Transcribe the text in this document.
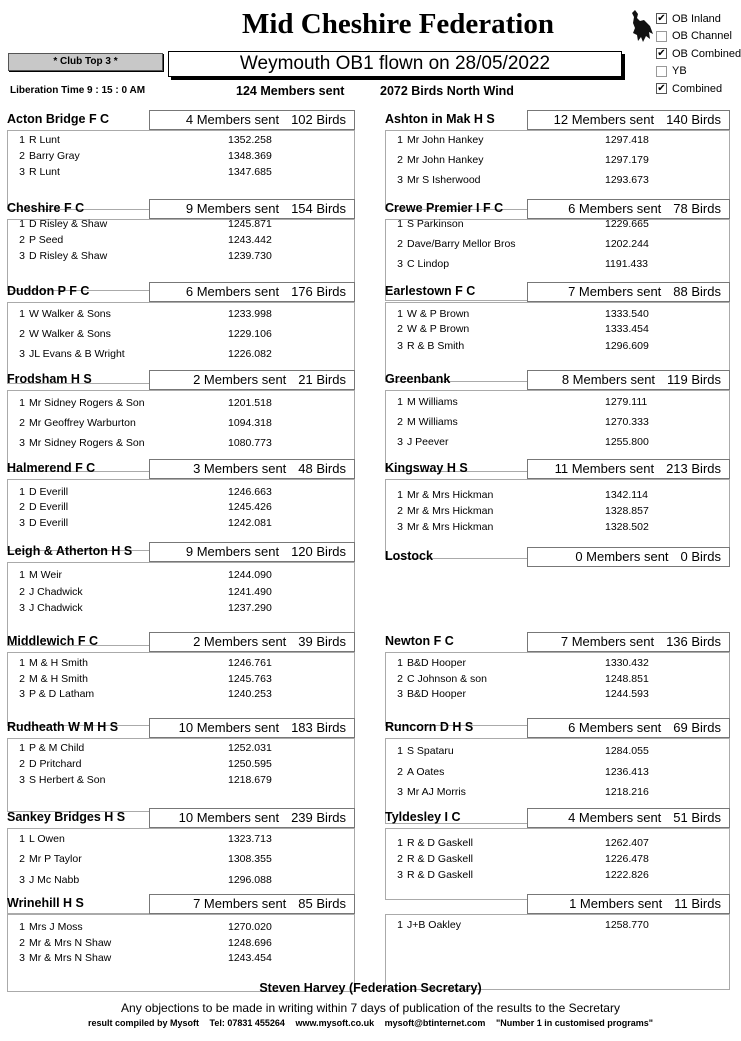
Mid Cheshire Federation	✔ OB Inland
OB Channel
✔ OB Combined
YB
✔ Combined
* Club Top 3 *	Weymouth OB1 flown on 28/05/2022
Liberation Time 9 : 15 : 0 AM	124 Members sent	2072 Birds North Wind
Acton Bridge F C	4 Members sent 102 Birds
1 R Lunt	1352.258
2 Barry Gray	1348.369
3 R Lunt	1347.685
Ashton in Mak H S	12 Members sent 140 Birds
1 Mr John Hankey	1297.418
2 Mr John Hankey	1297.179
3 Mr S Isherwood	1293.673
Cheshire F C	9 Members sent 154 Birds
1 D Risley & Shaw	1245.871
2 P Seed	1243.442
3 D Risley & Shaw	1239.730
Crewe Premier I F C	6 Members sent 78 Birds
1 S Parkinson	1229.665
2 Dave/Barry Mellor Bros	1202.244
3 C Lindop	1191.433
Duddon P F C	6 Members sent 176 Birds
1 W Walker & Sons	1233.998
2 W Walker & Sons	1229.106
3 JL Evans & B Wright	1226.082
Earlestown F C	7 Members sent 88 Birds
1 W & P Brown	1333.540
2 W & P Brown	1333.454
3 R & B Smith	1296.609
Frodsham H S	2 Members sent 21 Birds
1 Mr Sidney Rogers & Son	1201.518
2 Mr Geoffrey Warburton	1094.318
3 Mr Sidney Rogers & Son	1080.773
Greenbank	8 Members sent 119 Birds
1 M Williams	1279.111
2 M Williams	1270.333
3 J Peever	1255.800
Halmerend F C	3 Members sent 48 Birds
1 D Everill	1246.663
2 D Everill	1245.426
3 D Everill	1242.081
Kingsway H S	11 Members sent 213 Birds
1 Mr & Mrs Hickman	1342.114
2 Mr & Mrs Hickman	1328.857
3 Mr & Mrs Hickman	1328.502
Leigh & Atherton H S	9 Members sent 120 Birds
1 M Weir	1244.090
2 J Chadwick	1241.490
3 J Chadwick	1237.290
Lostock	0 Members sent 0 Birds
Middlewich F C	2 Members sent 39 Birds
1 M & H Smith	1246.761
2 M & H Smith	1245.763
3 P & D Latham	1240.253
Newton F C	7 Members sent 136 Birds
1 B&D Hooper	1330.432
2 C Johnson & son	1248.851
3 B&D Hooper	1244.593
Rudheath W M H S	10 Members sent 183 Birds
1 P & M Child	1252.031
2 D Pritchard	1250.595
3 S Herbert & Son	1218.679
Runcorn D H S	6 Members sent 69 Birds
1 S Spataru	1284.055
2 A Oates	1236.413
3 Mr AJ Morris	1218.216
Sankey Bridges H S	10 Members sent 239 Birds
1 L Owen	1323.713
2 Mr P Taylor	1308.355
3 J Mc Nabb	1296.088
Tyldesley I C	4 Members sent 51 Birds
1 R & D Gaskell	1262.407
2 R & D Gaskell	1226.478
3 R & D Gaskell	1222.826
Wrinehill H S	7 Members sent 85 Birds
1 Mrs J Moss	1270.020
2 Mr & Mrs N Shaw	1248.696
3 Mr & Mrs N Shaw	1243.454
1 Members sent 11 Birds
1 J+B Oakley	1258.770
Steven Harvey (Federation Secretary)
Any objections to be made in writing within 7 days of publication of the results to the Secretary
result compiled by Mysoft Tel: 07831 455264 www.mysoft.co.uk mysoft@btinternet.com "Number 1 in customised programs"
